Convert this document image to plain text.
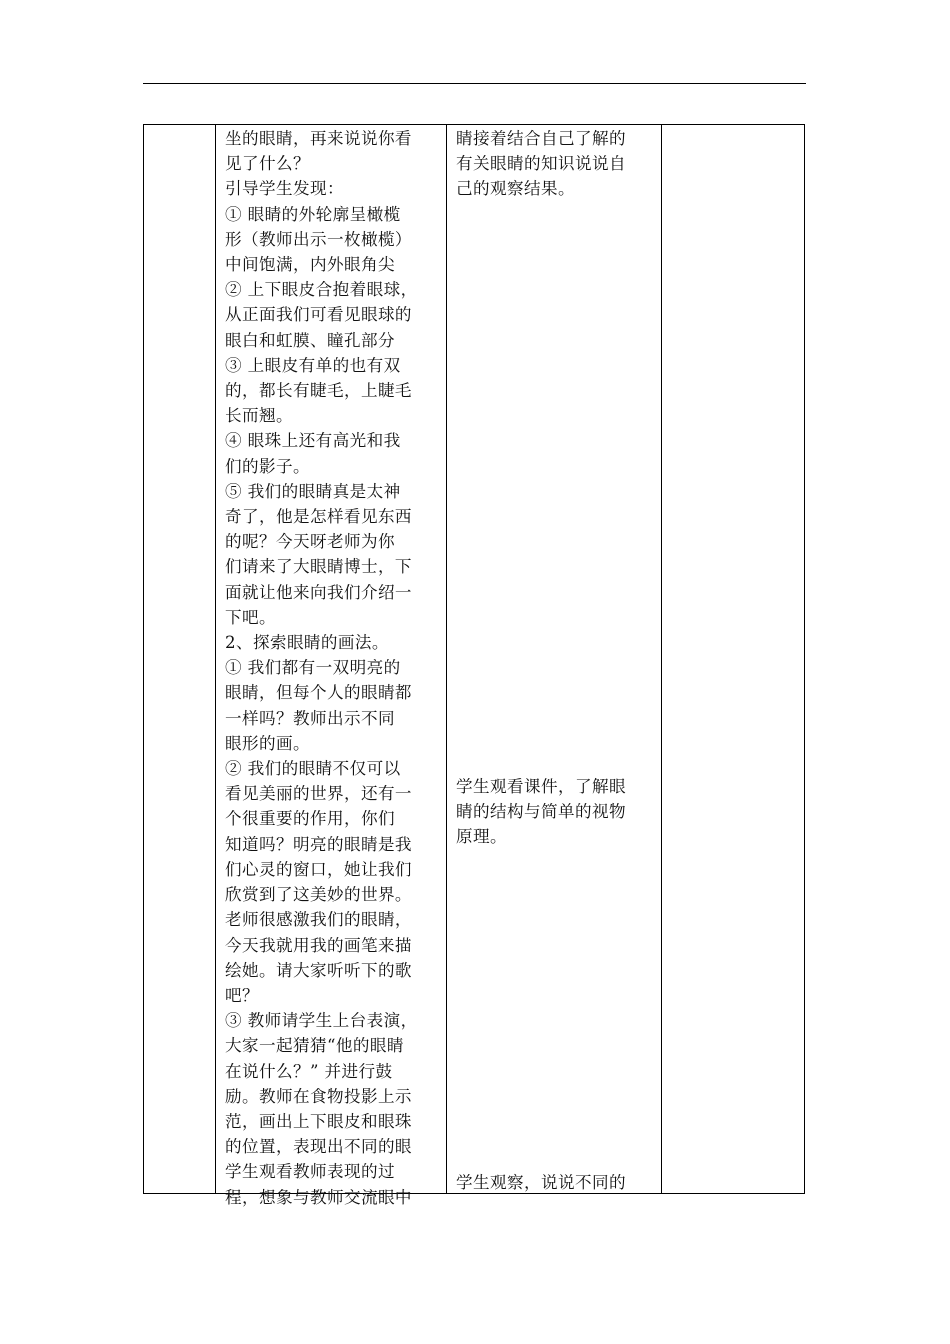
坐的眼睛，再来说说你看
见了什么？
引导学生发现：
① 眼睛的外轮廓呈橄榄
形（教师出示一枚橄榄）
中间饱满，内外眼角尖
② 上下眼皮合抱着眼球，
从正面我们可看见眼球的
眼白和虹膜、瞳孔部分
③ 上眼皮有单的也有双
的，都长有睫毛，上睫毛
长而翘。
④ 眼珠上还有高光和我
们的影子。
⑤ 我们的眼睛真是太神
奇了，他是怎样看见东西
的呢？今天呀老师为你
们请来了大眼睛博士，下
面就让他来向我们介绍一
下吧。
2、探索眼睛的画法。
① 我们都有一双明亮的
眼睛，但每个人的眼睛都
一样吗？教师出示不同
眼形的画。
② 我们的眼睛不仅可以
看见美丽的世界，还有一
个很重要的作用，你们
知道吗？明亮的眼睛是我
们心灵的窗口，她让我们
欣赏到了这美妙的世界。
老师很感激我们的眼睛，
今天我就用我的画笔来描
绘她。请大家听听下的歌
吧？
③ 教师请学生上台表演，
大家一起猜猜“他的眼睛
在说什么？” 并进行鼓
励。教师在食物投影上示
范，画出上下眼皮和眼珠
的位置，表现出不同的眼
学生观看教师表现的过
程，想象与教师交流眼中
睛接着结合自己了解的
有关眼睛的知识说说自
己的观察结果。
学生观看课件，了解眼
睛的结构与简单的视物
原理。
学生观察，说说不同的
